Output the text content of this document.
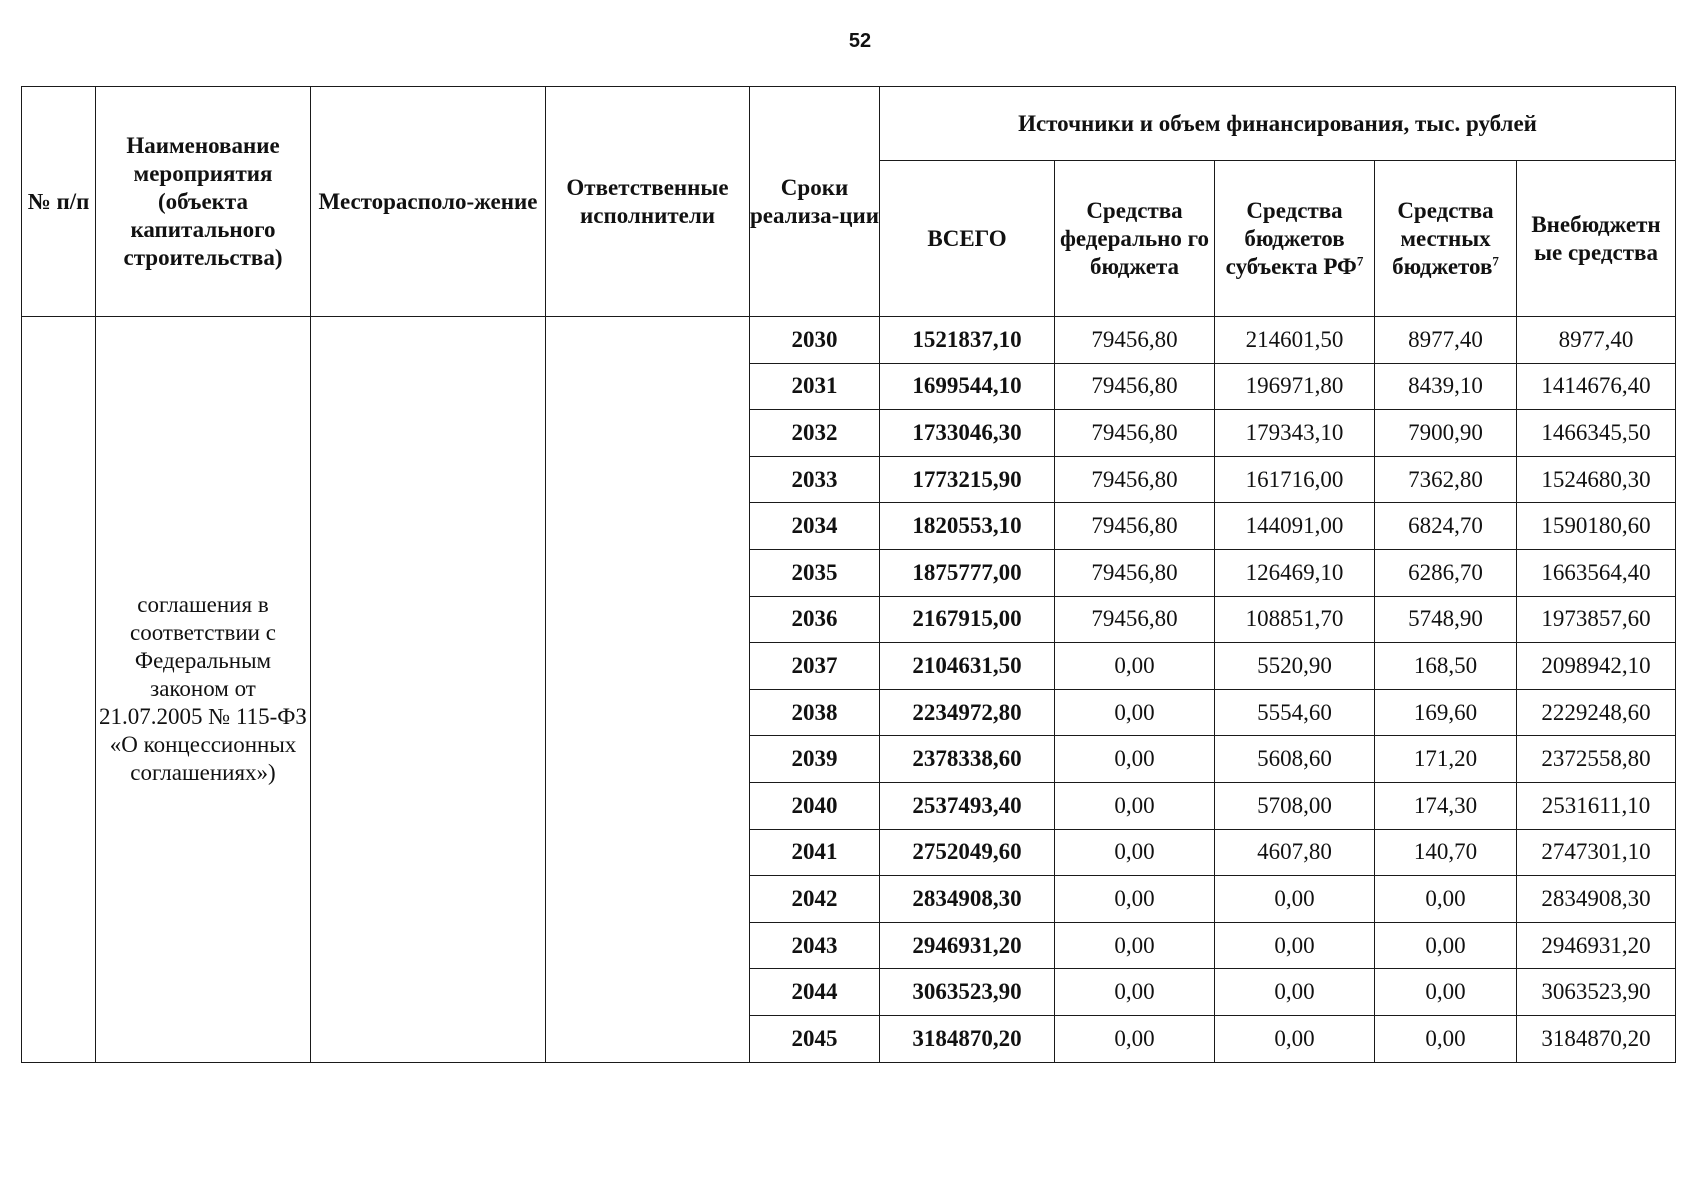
52
№ п/п	Наименование мероприятия (объекта капитального строительства)	Месторасполо-жение	Ответственные исполнители	Сроки реализа-ции	Источники и объем финансирования, тыс. рублей				
					ВСЕГО	Средства федерально го бюджета	Средства бюджетов субъекта $РФ^7$	Средства местных бюджетов$^7$	Внебюджетн ые средства
	соглашения в соответствии с Федеральным законом от 21.07.2005 № 115-ФЗ «О концессионных соглашениях»)			2030	1521837,10	79456,80	214601,50	8977,40	8977,40
				2031	1699544,10	79456,80	196971,80	8439,10	1414676,40
				2032	1733046,30	79456,80	179343,10	7900,90	1466345,50
				2033	1773215,90	79456,80	161716,00	7362,80	1524680,30
				2034	1820553,10	79456,80	144091,00	6824,70	1590180,60
				2035	1875777,00	79456,80	126469,10	6286,70	1663564,40
				2036	2167915,00	79456,80	108851,70	5748,90	1973857,60
				2037	2104631,50	0,00	5520,90	168,50	2098942,10
				2038	2234972,80	0,00	5554,60	169,60	2229248,60
				2039	2378338,60	0,00	5608,60	171,20	2372558,80
				2040	2537493,40	0,00	5708,00	174,30	2531611,10
				2041	2752049,60	0,00	4607,80	140,70	2747301,10
				2042	2834908,30	0,00	0,00	0,00	2834908,30
				2043	2946931,20	0,00	0,00	0,00	2946931,20
				2044	3063523,90	0,00	0,00	0,00	3063523,90
				2045	3184870,20	0,00	0,00	0,00	3184870,20
